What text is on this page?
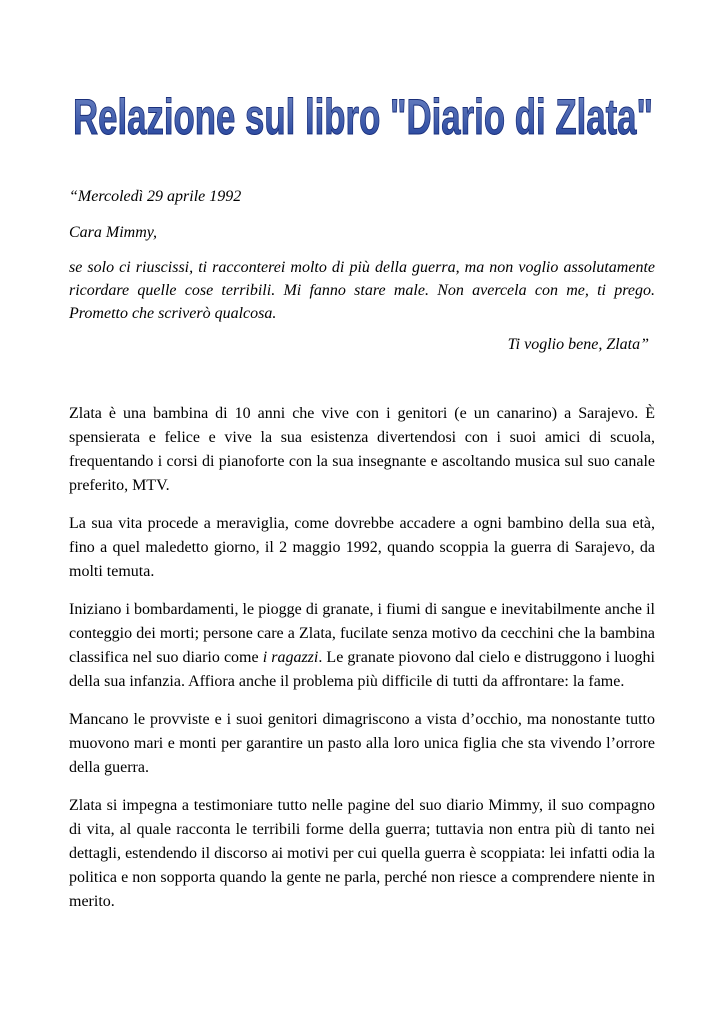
Relazione sul libro "Diario di Zlata"
“Mercoledì 29 aprile 1992
Cara Mimmy,
se solo ci riuscissi, ti racconterei molto di più della guerra, ma non voglio assolutamente ricordare quelle cose terribili. Mi fanno stare male. Non avercela con me, ti prego. Prometto che scriverò qualcosa.
Ti voglio bene, Zlata”

Zlata è una bambina di 10 anni che vive con i genitori (e un canarino) a Sarajevo. È spensierata e felice e vive la sua esistenza divertendosi con i suoi amici di scuola, frequentando i corsi di pianoforte con la sua insegnante e ascoltando musica sul suo canale preferito, MTV.

La sua vita procede a meraviglia, come dovrebbe accadere a ogni bambino della sua età, fino a quel maledetto giorno, il 2 maggio 1992, quando scoppia la guerra di Sarajevo, da molti temuta.

Iniziano i bombardamenti, le piogge di granate, i fiumi di sangue e inevitabilmente anche il conteggio dei morti; persone care a Zlata, fucilate senza motivo da cecchini che la bambina classifica nel suo diario come i ragazzi. Le granate piovono dal cielo e distruggono i luoghi della sua infanzia. Affiora anche il problema più difficile di tutti da affrontare: la fame.

Mancano le provviste e i suoi genitori dimagriscono a vista d’occhio, ma nonostante tutto muovono mari e monti per garantire un pasto alla loro unica figlia che sta vivendo l’orrore della guerra.

Zlata si impegna a testimoniare tutto nelle pagine del suo diario Mimmy, il suo compagno di vita, al quale racconta le terribili forme della guerra; tuttavia non entra più di tanto nei dettagli, estendendo il discorso ai motivi per cui quella guerra è scoppiata: lei infatti odia la politica e non sopporta quando la gente ne parla, perché non riesce a comprendere niente in merito.
